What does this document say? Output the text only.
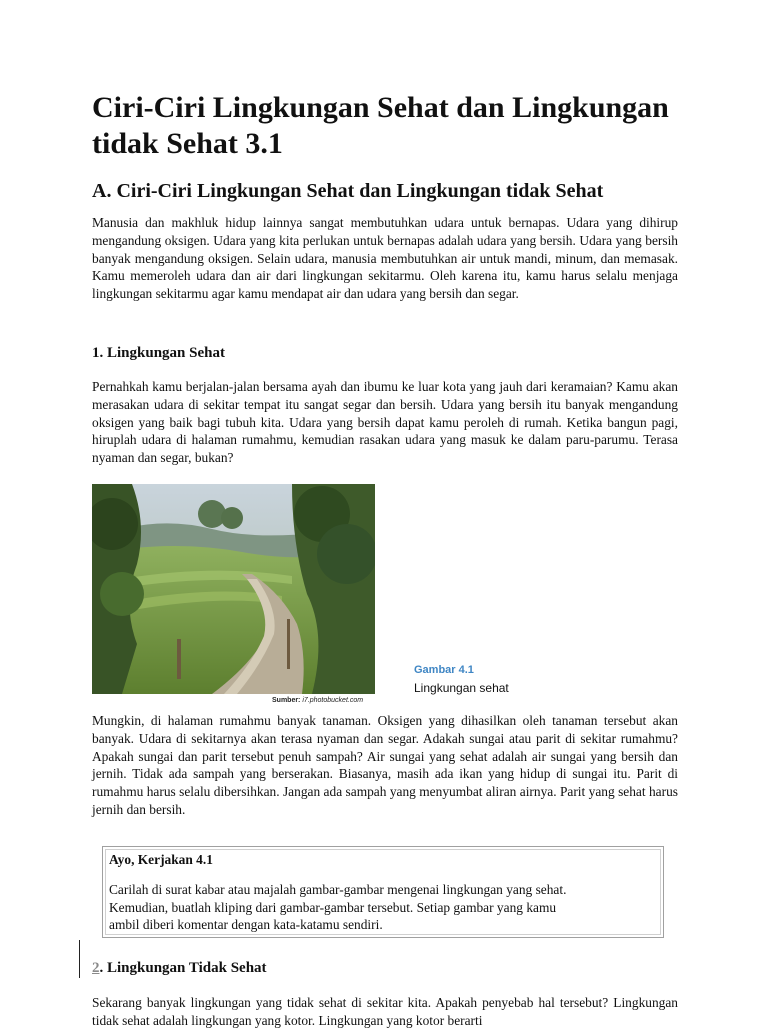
Ciri-Ciri Lingkungan Sehat dan Lingkungan tidak Sehat 3.1
A. Ciri-Ciri Lingkungan Sehat dan Lingkungan tidak Sehat

Manusia dan makhluk hidup lainnya sangat membutuhkan udara untuk bernapas. Udara yang dihirup mengandung oksigen. Udara yang kita perlukan untuk bernapas adalah udara yang bersih. Udara yang bersih banyak mengandung oksigen. Selain udara, manusia membutuhkan air untuk mandi, minum, dan memasak. Kamu memeroleh udara dan air dari lingkungan sekitarmu. Oleh karena itu, kamu harus selalu menjaga lingkungan sekitarmu agar kamu mendapat air dan udara yang bersih dan segar.

1. Lingkungan Sehat

Pernahkah kamu berjalan-jalan bersama ayah dan ibumu ke luar kota yang jauh dari keramaian? Kamu akan merasakan udara di sekitar tempat itu sangat segar dan bersih. Udara yang bersih itu banyak mengandung oksigen yang baik bagi tubuh kita. Udara yang bersih dapat kamu peroleh di rumah. Ketika bangun pagi, hiruplah udara di halaman rumahmu, kemudian rasakan udara yang masuk ke dalam paru-parumu. Terasa nyaman dan segar, bukan?

Sumber: i7.photobucket.com
Gambar 4.1
Lingkungan sehat

Mungkin, di halaman rumahmu banyak tanaman. Oksigen yang dihasilkan oleh tanaman tersebut akan banyak. Udara di sekitarnya akan terasa nyaman dan segar. Adakah sungai atau parit di sekitar rumahmu? Apakah sungai dan parit tersebut penuh sampah? Air sungai yang sehat adalah air sungai yang bersih dan jernih. Tidak ada sampah yang berserakan. Biasanya, masih ada ikan yang hidup di sungai itu. Parit di rumahmu harus selalu dibersihkan. Jangan ada sampah yang menyumbat aliran airnya. Parit yang sehat harus jernih dan bersih.

Ayo, Kerjakan 4.1

Carilah di surat kabar atau majalah gambar-gambar mengenai lingkungan yang sehat. Kemudian, buatlah kliping dari gambar-gambar tersebut. Setiap gambar yang kamu ambil diberi komentar dengan kata-katamu sendiri.

2. Lingkungan Tidak Sehat

Sekarang banyak lingkungan yang tidak sehat di sekitar kita. Apakah penyebab hal tersebut? Lingkungan tidak sehat adalah lingkungan yang kotor. Lingkungan yang kotor berarti
